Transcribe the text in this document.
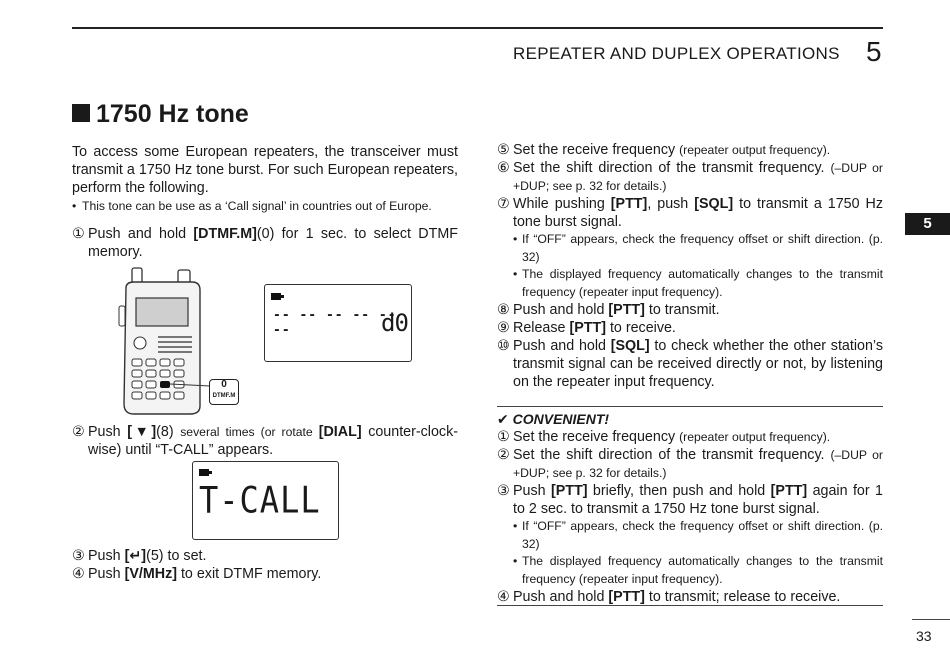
REPEATER AND DUPLEX OPERATIONS 5
5
1750 Hz tone

To access some European repeaters, the transceiver must transmit a 1750 Hz tone burst. For such European repeaters, perform the following.

• This tone can be use as a ‘Call signal’ in countries out of Europe.
① Push and hold [DTMF.M](0) for 1 sec. to select DTMF memory.
0
DTMF.M
-- -- -- -- -- --	d0
② Push [▼](8) several times (or rotate [DIAL] counter-clock-wise) until “T-CALL” appears.
T-CALL
③ Push [↵](5) to set.
④ Push [V/MHz] to exit DTMF memory.
⑤ Set the receive frequency (repeater output frequency).
⑥ Set the shift direction of the transmit frequency. (–DUP or +DUP; see p. 32 for details.)
⑦ While pushing [PTT], push [SQL] to transmit a 1750 Hz tone burst signal.
• If “OFF” appears, check the frequency offset or shift direction. (p. 32)
• The displayed frequency automatically changes to the transmit frequency (repeater input frequency).
⑧ Push and hold [PTT] to transmit.
⑨ Release [PTT] to receive.
⑩ Push and hold [SQL] to check whether the other station’s transmit signal can be received directly or not, by listening on the repeater input frequency.
✔ CONVENIENT!
① Set the receive frequency (repeater output frequency).
② Set the shift direction of the transmit frequency. (–DUP or +DUP; see p. 32 for details.)
③ Push [PTT] briefly, then push and hold [PTT] again for 1 to 2 sec. to transmit a 1750 Hz tone burst signal.
• If “OFF” appears, check the frequency offset or shift direction. (p. 32)
• The displayed frequency automatically changes to the transmit frequency (repeater input frequency).
④ Push and hold [PTT] to transmit; release to receive.
33
